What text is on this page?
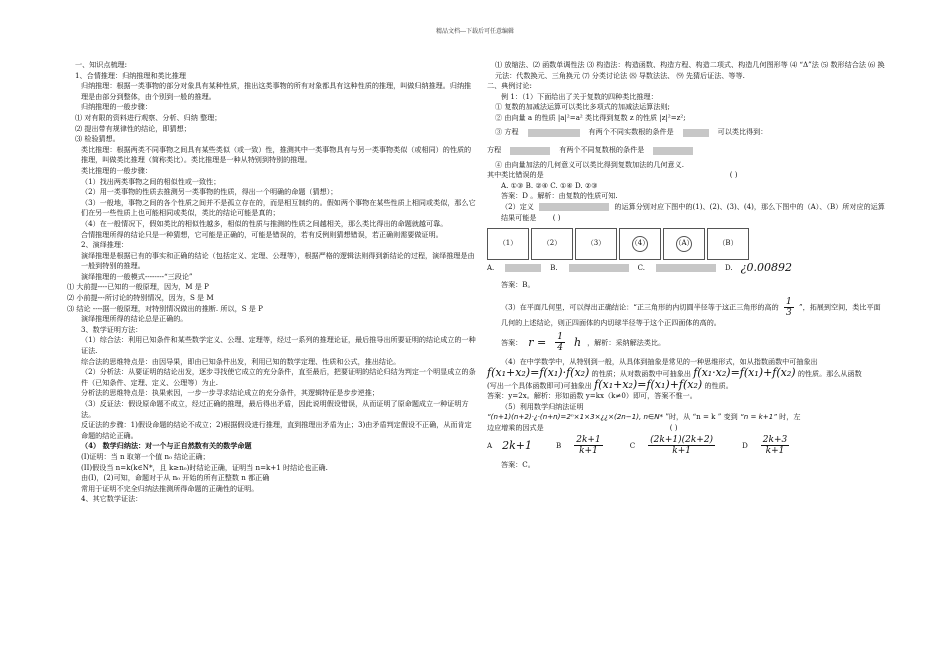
精品文档---下载后可任意编辑

一、知识点梳理:

1、合情推理：归纳推理和类比推理

归纳推理：根据一类事物的部分对象具有某种性质，推出这类事物的所有对象都具有这种性质的推理，叫做归纳推理。归纳推理是由部分到整体，由个别到一般的推理。

归纳推理的一般步骤：

⑴ 对有限的资料进行观察、分析、归纳 整理；

⑵ 提出带有规律性的结论，即猜想；

⑶ 检验猜想。

类比推理：根据两类不同事物之间具有某些类似（或一致）性，推测其中一类事物具有与另一类事物类似（或相同）的性质的推理，叫做类比推理（简称类比）。类比推理是一种从特别到特别的推理。

类比推理的一般步骤：

（1）找出两类事物之间的相似性或一致性；

（2）用一类事物的性质去推测另一类事物的性质，得出一个明确的命题（猜想）；

（3）一般地，事物之间的各个性质之间并不是孤立存在的，而是相互制约的。假如两个事物在某些性质上相同或类似，那么它们在另一些性质上也可能相同或类似，类比的结论可能是真的；

（4）在一般情况下，假如类比的相似性越多，相似的性质与推测的性质之间越相关，那么类比得出的命题就越可靠。

合情推理所得的结论只是一种猜想，它可能是正确的，可能是错误的，若有反例则猜想错误，若正确则需要做证明。

2、演绎推理：

演绎推理是根据已有的事实和正确的结论（包括定义、定理、公理等），根据严格的逻辑法则得到新结论的过程，演绎推理是由一般到特别的推理。

演绎推理的一般模式--------“三段论”

⑴ 大前提----已知的一般原理，因为，M 是 P

⑵ 小前提---所讨论的特别情况，因为，S 是 M

⑶ 结论 ----据一般原理，对特别情况做出的推断. 所以，S 是 P

演绎推理所得的结论总是正确的。

3、数学证明方法：

（1）综合法：利用已知条件和某些数学定义、公理、定理等，经过一系列的推理论证，最后推导出所要证明的结论成立的一种证法.

综合法的思维特点是：由因导果，即由已知条件出发，利用已知的数学定理、性质和公式，推出结论。

（2）分析法：从要证明的结论出发，逐步寻找使它成立的充分条件，直至最后，把要证明的结论归结为判定一个明显成立的条件（已知条件、定理、定义、公理等）为止.

分析法的思维特点是：执果索因，一步一步寻求结论成立的充分条件，其逻辑特征是步步逆推；

（3）反证法：假设原命题不成立，经过正确的推理，最后得出矛盾，因此说明假设错误，从而证明了原命题成立一种证明方法。

反证法的步骤：1)假设命题的结论不成立；2)根据假设进行推理，直到推理出矛盾为止；3)由矛盾判定假设不正确，从而肯定命题的结论正确。

（4） 数学归纳法：对一个与正自然数有关的数学命题

(I)证明：当 n 取第一个值 n₀ 结论正确；

(II)假设当 n=k(k∈N*，且 k≥n₀)时结论正确，证明当 n=k+1 时结论也正确.

由(I)，(2)可知，命题对于从 n₀ 开始的所有正整数 n 都正确

常用于证明不完全归纳法推测所得命题的正确性的证明。

4、其它数学证法：

⑴ 放缩法、⑵ 函数单调性法 ⑶ 构造法：构造函数、构造方程、构造二项式、构造几何图形等 ⑷ “Δ”法 ⑸ 数形结合法 ⑹ 换元法：代数换元、三角换元 ⑺ 分类讨论法 ⑻ 导数法法、 ⑼ 先猜后证法、等等.

二、典例讨论:

例 1：（1）下面给出了关于复数的四种类比推理：

① 复数的加减法运算可以类比多项式的加减法运算法则;

② 由向量 a 的性质 |a|²=a² 类比得到复数 z 的性质 |z|²=z²;

③ 方程	有两个不同实数根的条件是	可以类比得到：

方程	有两个不同复数根的条件是

④ 由向量加法的几何意义可以类比得到复数加法的几何意义.

其中类比错误的是	( )

A. ①③ B. ②④ C. ①④ D. ②③

答案：D 。解析：由复数的性质可知.

（2）定义	的运算分别对应下图中的(1)、(2)、(3)、(4)，那么下图中的（A）、（B）所对应的运算结果可能是 ( )

（1）	（2）	（3）	（4）	（A）	（B）

A.	B.	C.	D. ¿0.00892

答案：B。

（3）在平面几何里，可以得出正确结论：“正三角形的内切圆半径等于这正三角形的高的 $\frac{1}{3}$ ”，拓展到空间，类比平面几何的上述结论，则正四面体的内切球半径等于这个正四面体的高的。

答案： $r = \frac{1}{4}$ h ，解析：采纳解法类比。

（4）在中学数学中，从特别到一般，从具体到抽象是常见的一种思维形式，如从指数函数中可抽象出

f(x₁+x₂)=f(x₁)·f(x₂) 的性质；从对数函数中可抽象出 f(x₁·x₂)=f(x₁)+f(x₂) 的性质。那么从函数

(写出一个具体函数即可)可抽象出 f(x₁+x₂)=f(x₁)+f(x₂) 的性质。

答案：y=2x。解析：形如函数 y=kx（k≠0）即可，答案不惟一。

（5）利用数学归纳法证明

“(n+1)(n+2)·¿·(n+n)=2ⁿ×1×3×¿¿×(2n−1), n∈N* ”时，从 “n = k ” 变到 “n = k+1” 时，左

边应增乘的因式是	( )

A 2k+1	B $\frac{2k+1}{k+1}$	C $\frac{(2k+1)(2k+2)}{k+1}$	D $\frac{2k+3}{k+1}$

答案：C。
